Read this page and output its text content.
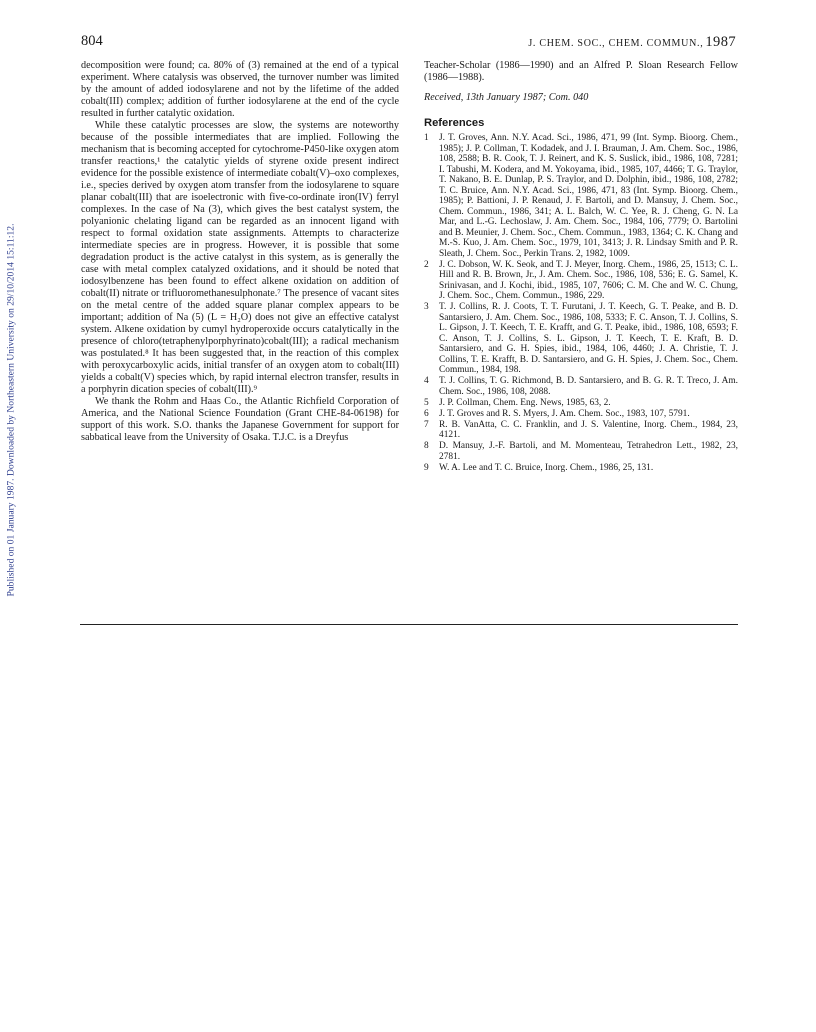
804	J. CHEM. SOC., CHEM. COMMUN., 1987
Published on 01 January 1987. Downloaded by Northeastern University on 29/10/2014 15:11:12.

decomposition were found; ca. 80% of (3) remained at the end of a typical experiment. Where catalysis was observed, the turnover number was limited by the amount of added iodosylarene and not by the lifetime of the added cobalt(III) complex; addition of further iodosylarene at the end of the cycle resulted in further catalytic oxidation.

While these catalytic processes are slow, the systems are noteworthy because of the possible intermediates that are implied. Following the mechanism that is becoming accepted for cytochrome-P450-like oxygen atom transfer reactions,¹ the catalytic yields of styrene oxide present indirect evidence for the possible existence of intermediate cobalt(V)–oxo complexes, i.e., species derived by oxygen atom transfer from the iodosylarene to square planar cobalt(III) that are isoelectronic with five-co-ordinate iron(IV) ferryl complexes. In the case of Na (3), which gives the best catalyst system, the polyanionic chelating ligand can be regarded as an innocent ligand with respect to formal oxidation state assignments. Attempts to characterize intermediate species are in progress. However, it is possible that some degradation product is the active catalyst in this system, as is generally the case with metal complex catalyzed oxidations, and it should be noted that iodosylbenzene has been found to effect alkene oxidation on addition of cobalt(II) nitrate or trifluoromethanesulphonate.⁷ The presence of vacant sites on the metal centre of the added square planar complex appears to be important; addition of Na (5) (L = H₂O) does not give an effective catalyst system. Alkene oxidation by cumyl hydroperoxide occurs catalytically in the presence of chloro(tetraphenylporphyrinato)cobalt(III); a radical mechanism was postulated.⁸ It has been suggested that, in the reaction of this complex with peroxycarboxylic acids, initial transfer of an oxygen atom to cobalt(III) yields a cobalt(V) species which, by rapid internal electron transfer, results in a porphyrin dication species of cobalt(III).⁹

We thank the Rohm and Haas Co., the Atlantic Richfield Corporation of America, and the National Science Foundation (Grant CHE-84-06198) for support of this work. S.O. thanks the Japanese Government for support for sabbatical leave from the University of Osaka. T.J.C. is a Dreyfus

Teacher-Scholar (1986—1990) and an Alfred P. Sloan Research Fellow (1986—1988).

Received, 13th January 1987; Com. 040

References
1 J. T. Groves, Ann. N.Y. Acad. Sci., 1986, 471, 99 (Int. Symp. Bioorg. Chem., 1985); J. P. Collman, T. Kodadek, and J. I. Brauman, J. Am. Chem. Soc., 1986, 108, 2588; B. R. Cook, T. J. Reinert, and K. S. Suslick, ibid., 1986, 108, 7281; I. Tabushi, M. Kodera, and M. Yokoyama, ibid., 1985, 107, 4466; T. G. Traylor, T. Nakano, B. E. Dunlap, P. S. Traylor, and D. Dolphin, ibid., 1986, 108, 2782; T. C. Bruice, Ann. N.Y. Acad. Sci., 1986, 471, 83 (Int. Symp. Bioorg. Chem., 1985); P. Battioni, J. P. Renaud, J. F. Bartoli, and D. Mansuy, J. Chem. Soc., Chem. Commun., 1986, 341; A. L. Balch, W. C. Yee, R. J. Cheng, G. N. La Mar, and L.-G. Lechoslaw, J. Am. Chem. Soc., 1984, 106, 7779; O. Bartolini and B. Meunier, J. Chem. Soc., Chem. Commun., 1983, 1364; C. K. Chang and M.-S. Kuo, J. Am. Chem. Soc., 1979, 101, 3413; J. R. Lindsay Smith and P. R. Sleath, J. Chem. Soc., Perkin Trans. 2, 1982, 1009.
2 J. C. Dobson, W. K. Seok, and T. J. Meyer, Inorg. Chem., 1986, 25, 1513; C. L. Hill and R. B. Brown, Jr., J. Am. Chem. Soc., 1986, 108, 536; E. G. Samel, K. Srinivasan, and J. Kochi, ibid., 1985, 107, 7606; C. M. Che and W. C. Chung, J. Chem. Soc., Chem. Commun., 1986, 229.
3 T. J. Collins, R. J. Coots, T. T. Furutani, J. T. Keech, G. T. Peake, and B. D. Santarsiero, J. Am. Chem. Soc., 1986, 108, 5333; F. C. Anson, T. J. Collins, S. L. Gipson, J. T. Keech, T. E. Krafft, and G. T. Peake, ibid., 1986, 108, 6593; F. C. Anson, T. J. Collins, S. L. Gipson, J. T. Keech, T. E. Kraft, B. D. Santarsiero, and G. H. Spies, ibid., 1984, 106, 4460; J. A. Christie, T. J. Collins, T. E. Krafft, B. D. Santarsiero, and G. H. Spies, J. Chem. Soc., Chem. Commun., 1984, 198.
4 T. J. Collins, T. G. Richmond, B. D. Santarsiero, and B. G. R. T. Treco, J. Am. Chem. Soc., 1986, 108, 2088.
5 J. P. Collman, Chem. Eng. News, 1985, 63, 2.
6 J. T. Groves and R. S. Myers, J. Am. Chem. Soc., 1983, 107, 5791.
7 R. B. VanAtta, C. C. Franklin, and J. S. Valentine, Inorg. Chem., 1984, 23, 4121.
8 D. Mansuy, J.-F. Bartoli, and M. Momenteau, Tetrahedron Lett., 1982, 23, 2781.
9 W. A. Lee and T. C. Bruice, Inorg. Chem., 1986, 25, 131.
